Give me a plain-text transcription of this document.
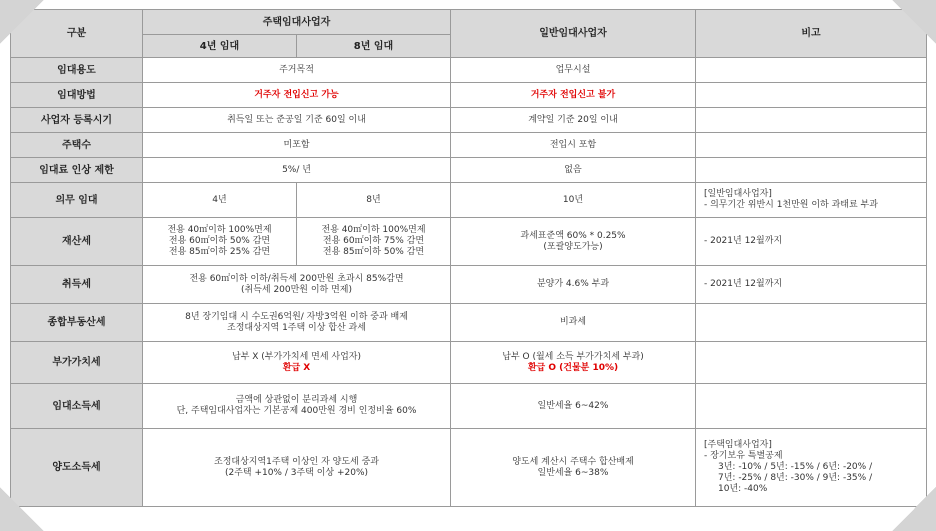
구분	주택임대사업자		일반임대사업자	비고
	4년 임대	8년 임대		
임대용도	주거목적		업무시설	
임대방법	거주자 전입신고 가능		거주자 전입신고 불가	
사업자 등록시기	취득일 또는 준공일 기준 60일 이내		계약일 기준 20일 이내	
주택수	미포함		전입시 포함	
임대료 인상 제한	5%/ 년		없음	
의무 임대	4년	8년	10년	[일반임대사업자]
- 의무기간 위반시 1천만원 이하 과태료 부과

재산세	전용 40㎡이하 100%면제
전용 60㎡이하 50% 감면
전용 85㎡이하 25% 감면	전용 40㎡이하 100%면제
전용 60㎡이하 75% 감면
전용 85㎡이하 50% 감면	과세표준액 60% * 0.25%
(포괄양도가능)	- 2021년 12월까지
취득세	전용 60㎡이하 이하/취득세 200만원 초과시 85%감면
(취득세 200만원 이하 면제)		분양가 4.6% 부과	- 2021년 12월까지
종합부동산세	8년 장기임대 시 수도권6억원/ 자방3억원 이하 중과 배제
조정대상지역 1주택 이상 합산 과세		비과세	
부가가치세	납부 X (부가가치세 면세 사업자)
환급 X		납부 O (월세 소득 부가가치세 부과)
환급 O (건물분 10%)	

임대소득세	금액에 상관없이 분리과세 시행
단, 주택임대사업자는 기본공제 400만원 경비 인정비율 60%		일반세율 6~42%	
양도소득세	조정대상지역1주택 이상인 자 양도세 중과
(2주택 +10% / 3주택 이상 +20%)		양도세 계산시 주택수 합산배제
일반세율 6~38%	[주택임대사업자]
- 장기보유 특별공제
3년: -10% / 5년: -15% / 6년: -20% /
7년: -25% / 8년: -30% / 9년: -35% /
10년: -40%
